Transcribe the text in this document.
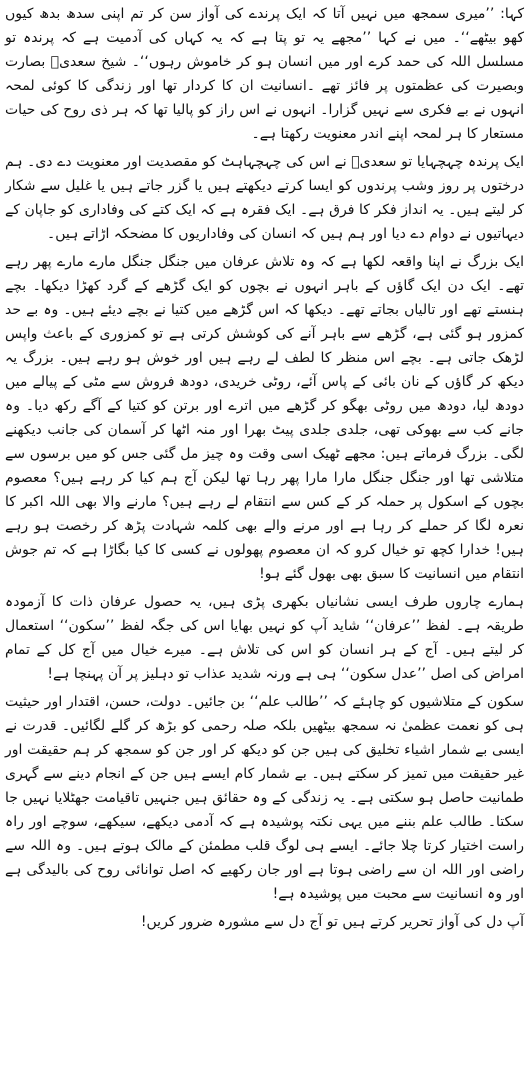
کہا: ’’میری سمجھ میں نہیں آتا کہ ایک پرندے کی آواز سن کر تم اپنی سدھ بدھ کیوں کھو بیٹھے‘‘۔ میں نے کہا ’’مجھے یہ تو پتا ہے کہ یہ کہاں کی آدمیت ہے کہ پرندہ تو مسلسل اللہ کی حمد کرے اور میں انسان ہو کر خاموش رہوں‘‘۔ شیخ سعدیؒ بصارت وبصیرت کی عظمتوں پر فائز تھے ۔انسانیت ان کا کردار تھا اور زندگی کا کوئی لمحہ انہوں نے بے فکری سے نہیں گزارا۔ انہوں نے اس راز کو پالیا تھا کہ ہر ذی روح کی حیات مستعار کا ہر لمحہ اپنے اندر معنویت رکھتا ہے۔

ایک پرندہ چہچہایا تو سعدیؒ نے اس کی چہچہاہٹ کو مقصدیت اور معنویت دے دی۔ ہم درختوں پر روز وشب پرندوں کو ایسا کرتے دیکھتے ہیں یا گزر جاتے ہیں یا غلیل سے شکار کر لیتے ہیں۔ یہ انداز فکر کا فرق ہے۔ ایک فقرہ ہے کہ ایک کتے کی وفاداری کو جاپان کے دیہاتیوں نے دوام دے دیا اور ہم ہیں کہ انسان کی وفاداریوں کا مضحکہ اڑاتے ہیں۔

ایک بزرگ نے اپنا واقعہ لکھا ہے کہ وہ تلاش عرفان میں جنگل جنگل مارے مارے پھر رہے تھے۔ ایک دن ایک گاؤں کے باہر انہوں نے بچوں کو ایک گڑھے کے گرد کھڑا دیکھا۔ بچے ہنستے تھے اور تالیاں بجاتے تھے۔ دیکھا کہ اس گڑھے میں کتیا نے بچے دیئے ہیں۔ وہ بے حد کمزور ہو گئی ہے، گڑھے سے باہر آنے کی کوشش کرتی ہے تو کمزوری کے باعث واپس لڑھک جاتی ہے۔ بچے اس منظر کا لطف لے رہے ہیں اور خوش ہو رہے ہیں۔ بزرگ یہ دیکھ کر گاؤں کے نان بائی کے پاس آئے، روٹی خریدی، دودھ فروش سے مٹی کے پیالے میں دودھ لیا، دودھ میں روٹی بھگو کر گڑھے میں اترے اور برتن کو کتیا کے آگے رکھ دیا۔ وہ جانے کب سے بھوکی تھی، جلدی جلدی پیٹ بھرا اور منہ اٹھا کر آسمان کی جانب دیکھنے لگی۔ بزرگ فرماتے ہیں: مجھے ٹھیک اسی وقت وہ چیز مل گئی جس کو میں برسوں سے متلاشی تھا اور جنگل جنگل مارا مارا پھر رہا تھا لیکن آج ہم کیا کر رہے ہیں؟ معصوم بچوں کے اسکول پر حملہ کر کے کس سے انتقام لے رہے ہیں؟ مارنے والا بھی اللہ اکبر کا نعرہ لگا کر حملے کر رہا ہے اور مرنے والے بھی کلمہ شہادت پڑھ کر رخصت ہو رہے ہیں! خدارا کچھ تو خیال کرو کہ ان معصوم پھولوں نے کسی کا کیا بگاڑا ہے کہ تم جوش انتقام میں انسانیت کا سبق بھی بھول گئے ہو!

ہمارے چاروں طرف ایسی نشانیاں بکھری پڑی ہیں، یہ حصول عرفان ذات کا آزمودہ طریقہ ہے۔ لفظ ’’عرفان‘‘ شاید آپ کو نہیں بھایا اس کی جگہ لفظ ’’سکون‘‘ استعمال کر لیتے ہیں۔ آج کے ہر انسان کو اس کی تلاش ہے۔ میرے خیال میں آج کل کے تمام امراض کی اصل ’’عدل سکون‘‘ ہی ہے ورنہ شدید عذاب تو دہلیز پر آن پہنچا ہے!

سکون کے متلاشیوں کو چاہئے کہ ’’طالب علم‘‘ بن جائیں۔ دولت، حسن، اقتدار اور حیثیت ہی کو نعمت عظمیٰ نہ سمجھ بیٹھیں بلکہ صلہ رحمی کو بڑھ کر گلے لگائیں۔ قدرت نے ایسی بے شمار اشیاء تخلیق کی ہیں جن کو دیکھ کر اور جن کو سمجھ کر ہم حقیقت اور غیر حقیقت میں تمیز کر سکتے ہیں۔ بے شمار کام ایسے ہیں جن کے انجام دینے سے گہری طمانیت حاصل ہو سکتی ہے۔ یہ زندگی کے وہ حقائق ہیں جنہیں تاقیامت جھٹلایا نہیں جا سکتا۔ طالب علم بننے میں یہی نکتہ پوشیدہ ہے کہ آدمی دیکھے، سیکھے، سوچے اور راہ راست اختیار کرتا چلا جائے۔ ایسے ہی لوگ قلب مطمئن کے مالک ہوتے ہیں۔ وہ اللہ سے راضی اور اللہ ان سے راضی ہوتا ہے اور جان رکھیے کہ اصل توانائی روح کی بالیدگی ہے اور وہ انسانیت سے محبت میں پوشیدہ ہے!

آپ دل کی آواز تحریر کرتے ہیں تو آج دل سے مشورہ ضرور کریں!
